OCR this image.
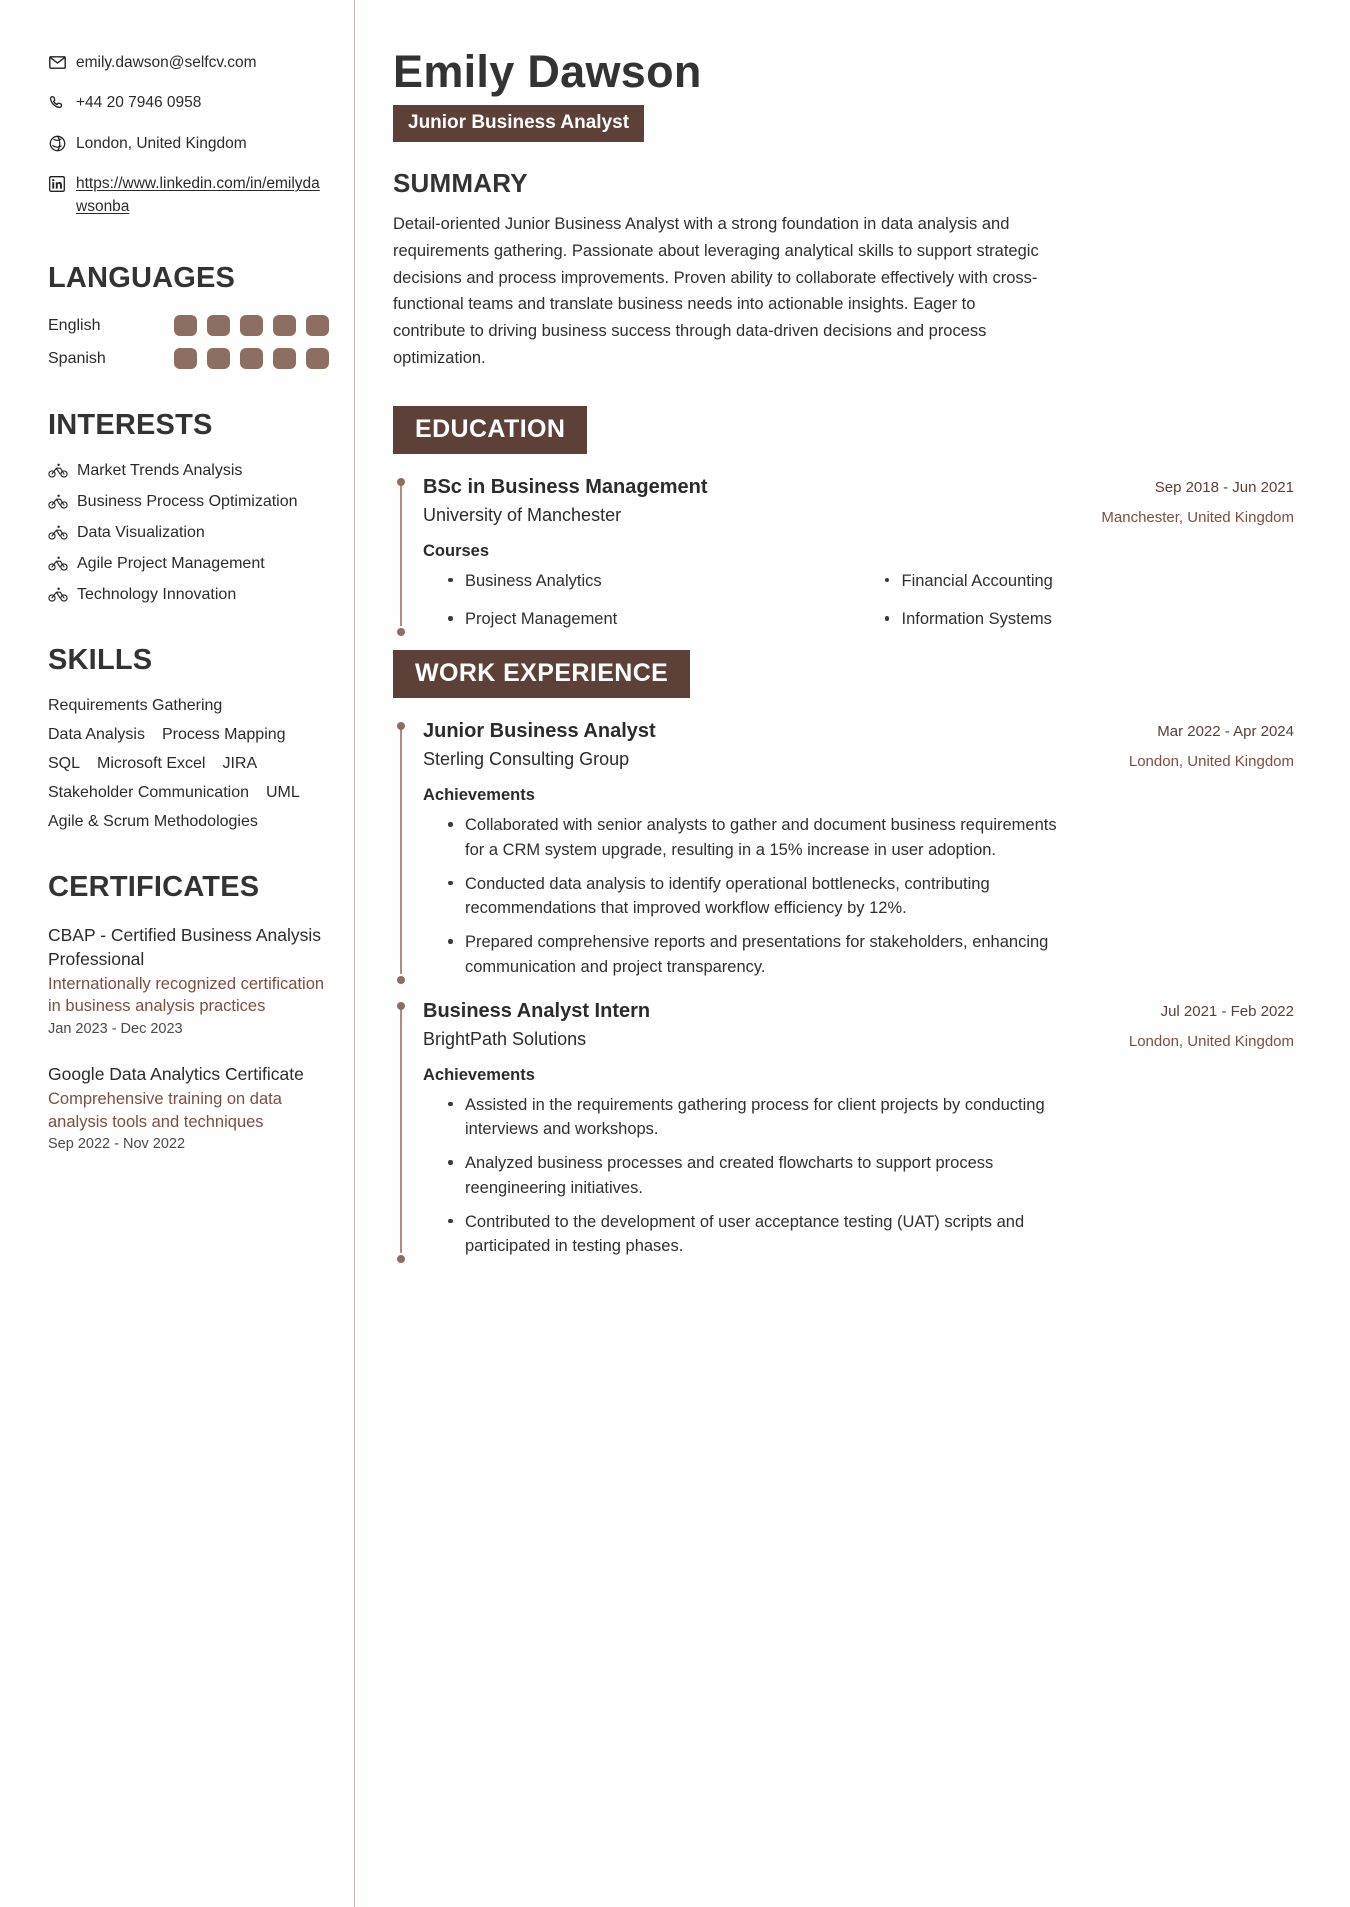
emily.dawson@selfcv.com
+44 20 7946 0958
London, United Kingdom
https://www.linkedin.com/in/emilydawsonba
LANGUAGES
English
Spanish
INTERESTS
Market Trends Analysis
Business Process Optimization
Data Visualization
Agile Project Management
Technology Innovation
SKILLS
Requirements Gathering
Data Analysis Process Mapping
SQL Microsoft Excel JIRA
Stakeholder Communication UML
Agile & Scrum Methodologies
CERTIFICATES
CBAP - Certified Business Analysis Professional
Internationally recognized certification in business analysis practices
Jan 2023 - Dec 2023
Google Data Analytics Certificate
Comprehensive training on data analysis tools and techniques
Sep 2022 - Nov 2022
Emily Dawson
Junior Business Analyst
SUMMARY

Detail-oriented Junior Business Analyst with a strong foundation in data analysis and requirements gathering. Passionate about leveraging analytical skills to support strategic decisions and process improvements. Proven ability to collaborate effectively with cross-functional teams and translate business needs into actionable insights. Eager to contribute to driving business success through data-driven decisions and process optimization.

EDUCATION
BSc in Business Management
University of Manchester
Sep 2018 - Jun 2021
Manchester, United Kingdom
Courses
Business Analytics	Financial Accounting
Project Management	Information Systems
WORK EXPERIENCE
Junior Business Analyst
Sterling Consulting Group
Mar 2022 - Apr 2024
London, United Kingdom
Achievements
Collaborated with senior analysts to gather and document business requirements for a CRM system upgrade, resulting in a 15% increase in user adoption.
Conducted data analysis to identify operational bottlenecks, contributing recommendations that improved workflow efficiency by 12%.
Prepared comprehensive reports and presentations for stakeholders, enhancing communication and project transparency.
Business Analyst Intern
BrightPath Solutions
Jul 2021 - Feb 2022
London, United Kingdom
Achievements
Assisted in the requirements gathering process for client projects by conducting interviews and workshops.
Analyzed business processes and created flowcharts to support process reengineering initiatives.
Contributed to the development of user acceptance testing (UAT) scripts and participated in testing phases.
